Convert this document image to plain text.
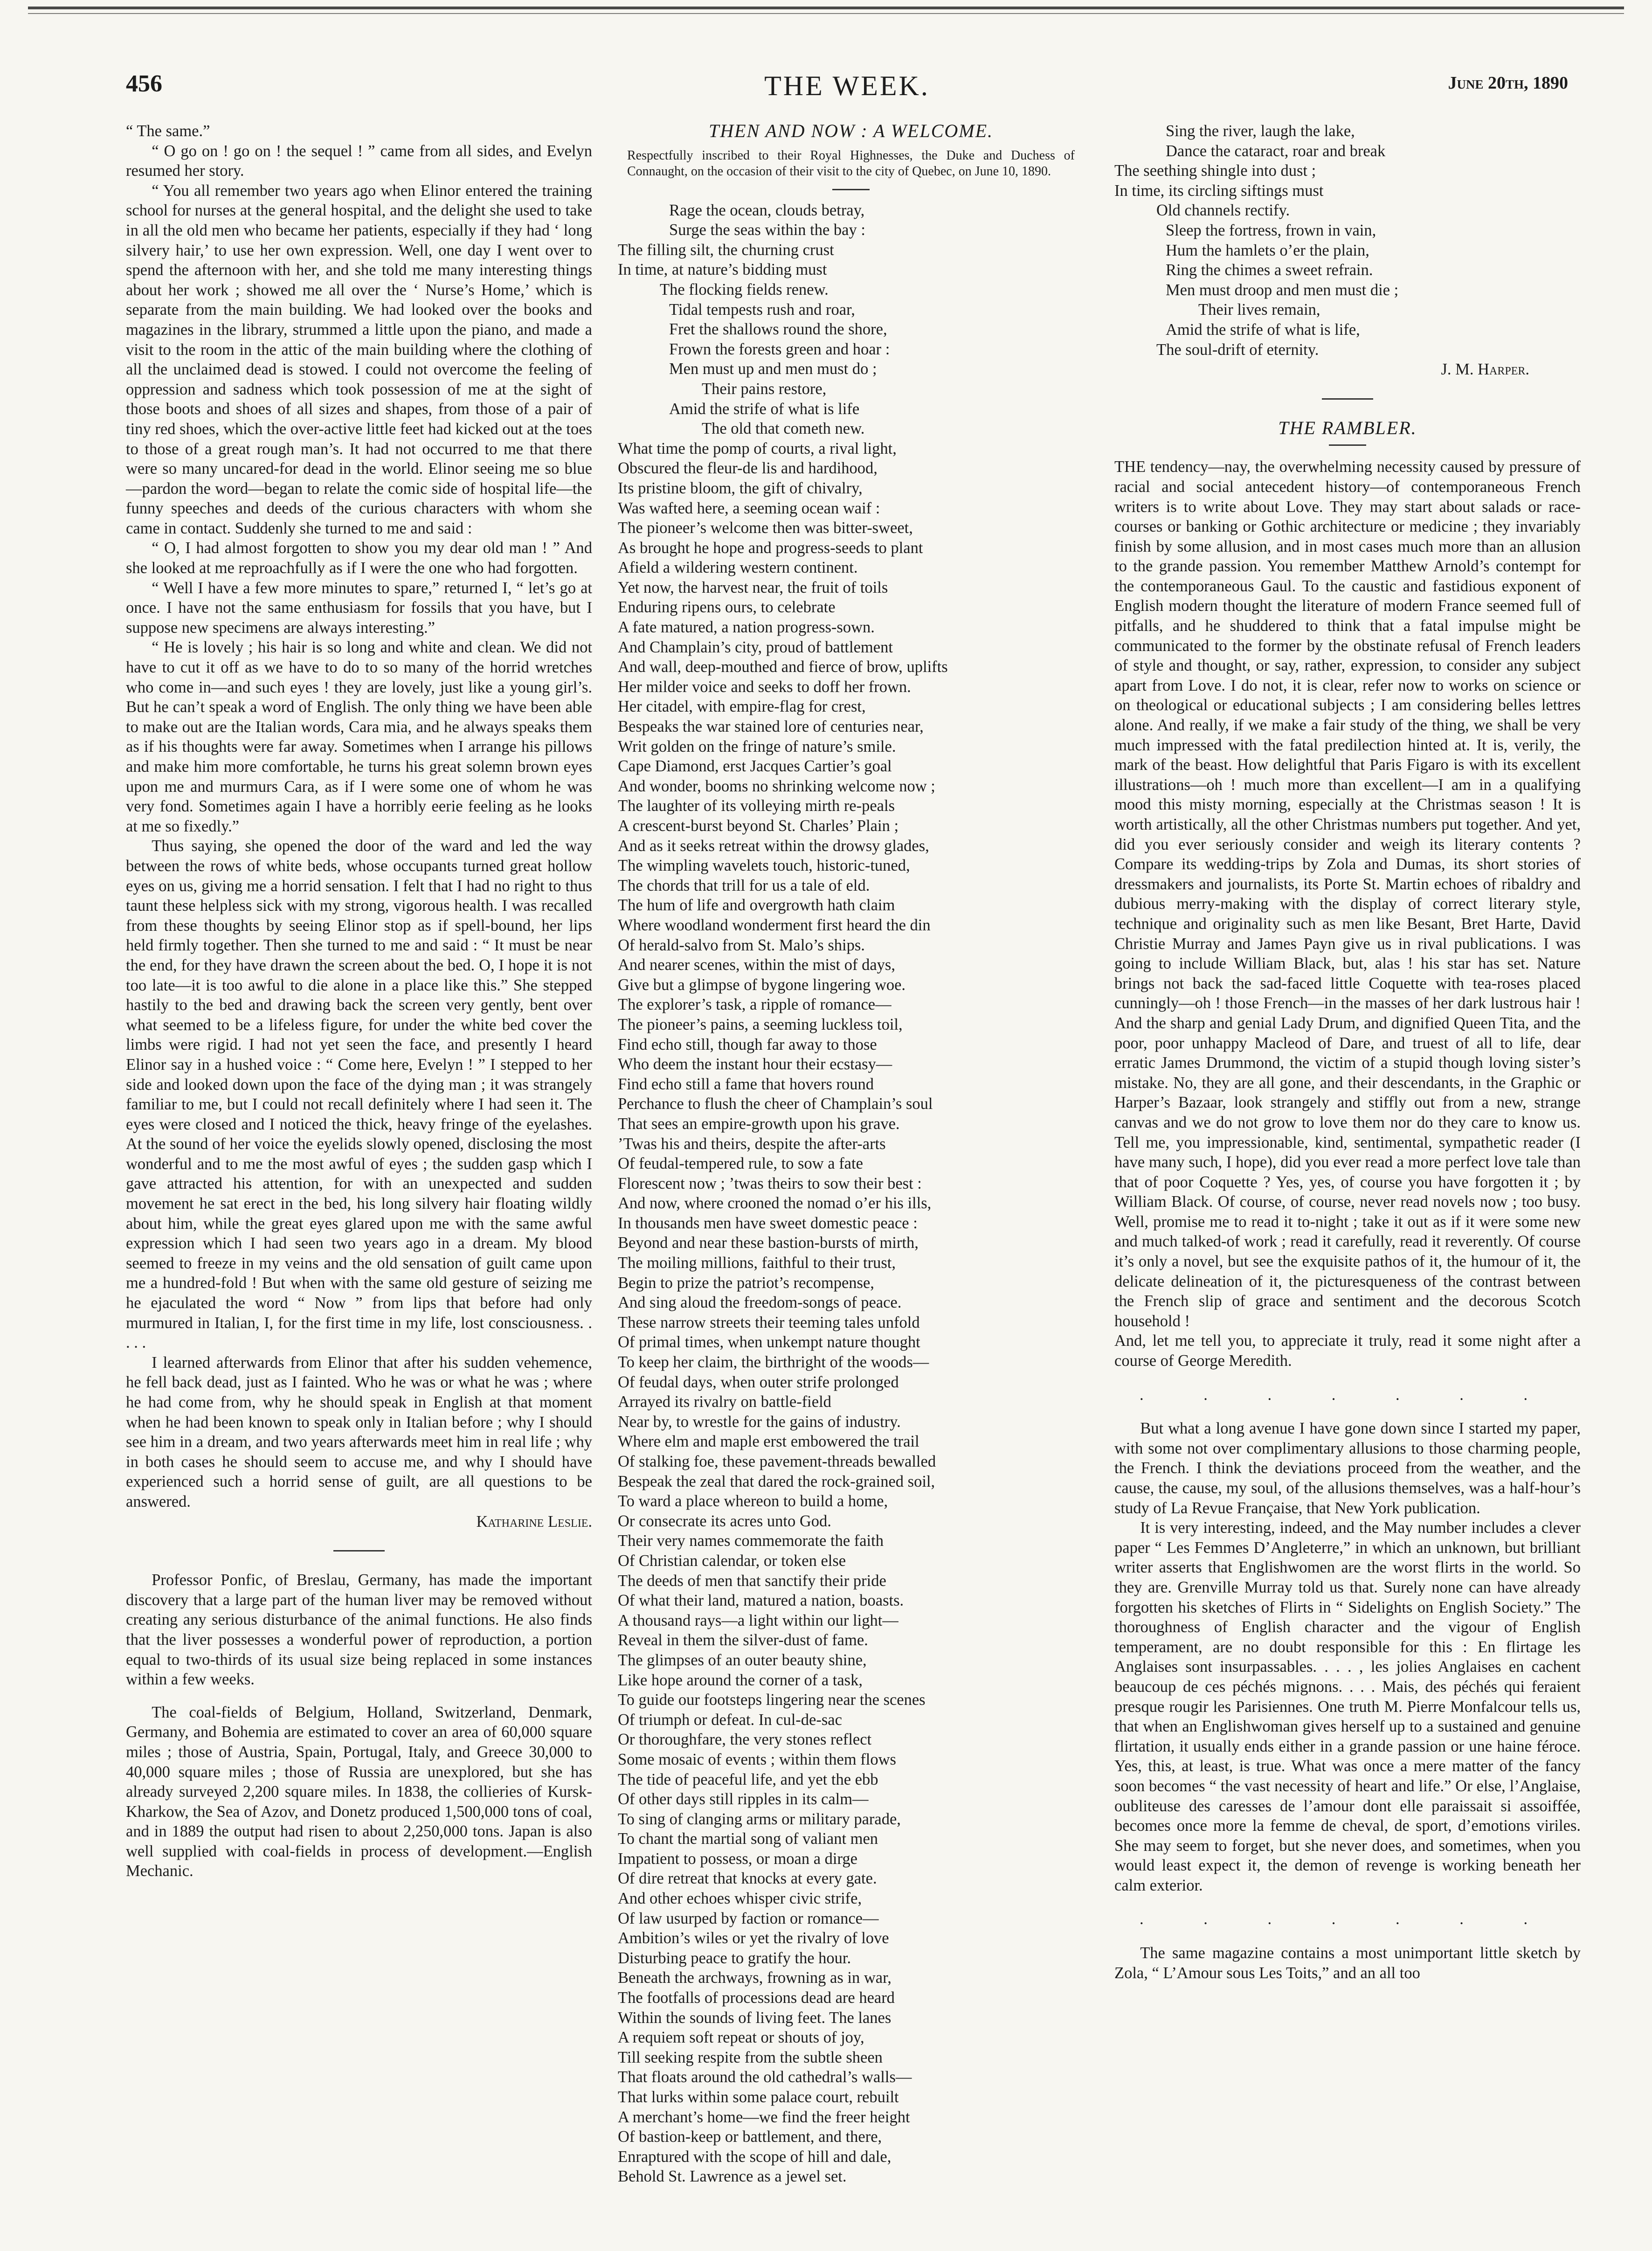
456	THE WEEK.	June 20th, 1890

“ The same.”

“ O go on ! go on ! the sequel ! ” came from all sides, and Evelyn resumed her story.

“ You all remember two years ago when Elinor entered the training school for nurses at the general hospital, and the delight she used to take in all the old men who became her patients, especially if they had ‘ long silvery hair,’ to use her own expression. Well, one day I went over to spend the afternoon with her, and she told me many interesting things about her work ; showed me all over the ‘ Nurse’s Home,’ which is separate from the main building. We had looked over the books and magazines in the library, strummed a little upon the piano, and made a visit to the room in the attic of the main building where the clothing of all the unclaimed dead is stowed. I could not overcome the feeling of oppression and sadness which took possession of me at the sight of those boots and shoes of all sizes and shapes, from those of a pair of tiny red shoes, which the over-active little feet had kicked out at the toes to those of a great rough man’s. It had not occurred to me that there were so many uncared-for dead in the world. Elinor seeing me so blue—pardon the word—began to relate the comic side of hospital life—the funny speeches and deeds of the curious characters with whom she came in contact. Suddenly she turned to me and said :

“ O, I had almost forgotten to show you my dear old man ! ” And she looked at me reproachfully as if I were the one who had forgotten.

“ Well I have a few more minutes to spare,” returned I, “ let’s go at once. I have not the same enthusiasm for fossils that you have, but I suppose new specimens are always interesting.”

“ He is lovely ; his hair is so long and white and clean. We did not have to cut it off as we have to do to so many of the horrid wretches who come in—and such eyes ! they are lovely, just like a young girl’s. But he can’t speak a word of English. The only thing we have been able to make out are the Italian words, Cara mia, and he always speaks them as if his thoughts were far away. Sometimes when I arrange his pillows and make him more comfortable, he turns his great solemn brown eyes upon me and murmurs Cara, as if I were some one of whom he was very fond. Sometimes again I have a horribly eerie feeling as he looks at me so fixedly.”

Thus saying, she opened the door of the ward and led the way between the rows of white beds, whose occupants turned great hollow eyes on us, giving me a horrid sensation. I felt that I had no right to thus taunt these helpless sick with my strong, vigorous health. I was recalled from these thoughts by seeing Elinor stop as if spell-bound, her lips held firmly together. Then she turned to me and said : “ It must be near the end, for they have drawn the screen about the bed. O, I hope it is not too late—it is too awful to die alone in a place like this.” She stepped hastily to the bed and drawing back the screen very gently, bent over what seemed to be a lifeless figure, for under the white bed cover the limbs were rigid. I had not yet seen the face, and presently I heard Elinor say in a hushed voice : “ Come here, Evelyn ! ” I stepped to her side and looked down upon the face of the dying man ; it was strangely familiar to me, but I could not recall definitely where I had seen it. The eyes were closed and I noticed the thick, heavy fringe of the eyelashes. At the sound of her voice the eyelids slowly opened, disclosing the most wonderful and to me the most awful of eyes ; the sudden gasp which I gave attracted his attention, for with an unexpected and sudden movement he sat erect in the bed, his long silvery hair floating wildly about him, while the great eyes glared upon me with the same awful expression which I had seen two years ago in a dream. My blood seemed to freeze in my veins and the old sensation of guilt came upon me a hundred-fold ! But when with the same old gesture of seizing me he ejaculated the word “ Now ” from lips that before had only murmured in Italian, I, for the first time in my life, lost consciousness. . . . .

I learned afterwards from Elinor that after his sudden vehemence, he fell back dead, just as I fainted. Who he was or what he was ; where he had come from, why he should speak in English at that moment when he had been known to speak only in Italian before ; why I should see him in a dream, and two years afterwards meet him in real life ; why in both cases he should seem to accuse me, and why I should have experienced such a horrid sense of guilt, are all questions to be answered.

Katharine Leslie.

Professor Ponfic, of Breslau, Germany, has made the important discovery that a large part of the human liver may be removed without creating any serious disturbance of the animal functions. He also finds that the liver possesses a wonderful power of reproduction, a portion equal to two-thirds of its usual size being replaced in some instances within a few weeks.

The coal-fields of Belgium, Holland, Switzerland, Denmark, Germany, and Bohemia are estimated to cover an area of 60,000 square miles ; those of Austria, Spain, Portugal, Italy, and Greece 30,000 to 40,000 square miles ; those of Russia are unexplored, but she has already surveyed 2,200 square miles. In 1838, the collieries of Kursk-Kharkow, the Sea of Azov, and Donetz produced 1,500,000 tons of coal, and in 1889 the output had risen to about 2,250,000 tons. Japan is also well supplied with coal-fields in process of development.—English Mechanic.

THEN AND NOW : A WELCOME.
Respectfully inscribed to their Royal Highnesses, the Duke and Duchess of Connaught, on the occasion of their visit to the city of Quebec, on June 10, 1890.
Rage the ocean, clouds betray,
Surge the seas within the bay :
The filling silt, the churning crust
In time, at nature’s bidding must
The flocking fields renew.
Tidal tempests rush and roar,
Fret the shallows round the shore,
Frown the forests green and hoar :
Men must up and men must do ;
Their pains restore,
Amid the strife of what is life
The old that cometh new.
What time the pomp of courts, a rival light,
Obscured the fleur-de lis and hardihood,
Its pristine bloom, the gift of chivalry,
Was wafted here, a seeming ocean waif :
The pioneer’s welcome then was bitter-sweet,
As brought he hope and progress-seeds to plant
Afield a wildering western continent.
Yet now, the harvest near, the fruit of toils
Enduring ripens ours, to celebrate
A fate matured, a nation progress-sown.
And Champlain’s city, proud of battlement
And wall, deep-mouthed and fierce of brow, uplifts
Her milder voice and seeks to doff her frown.
Her citadel, with empire-flag for crest,
Bespeaks the war stained lore of centuries near,
Writ golden on the fringe of nature’s smile.
Cape Diamond, erst Jacques Cartier’s goal
And wonder, booms no shrinking welcome now ;
The laughter of its volleying mirth re-peals
A crescent-burst beyond St. Charles’ Plain ;
And as it seeks retreat within the drowsy glades,
The wimpling wavelets touch, historic-tuned,
The chords that trill for us a tale of eld.
The hum of life and overgrowth hath claim
Where woodland wonderment first heard the din
Of herald-salvo from St. Malo’s ships.
And nearer scenes, within the mist of days,
Give but a glimpse of bygone lingering woe.
The explorer’s task, a ripple of romance—
The pioneer’s pains, a seeming luckless toil,
Find echo still, though far away to those
Who deem the instant hour their ecstasy—
Find echo still a fame that hovers round
Perchance to flush the cheer of Champlain’s soul
That sees an empire-growth upon his grave.
’Twas his and theirs, despite the after-arts
Of feudal-tempered rule, to sow a fate
Florescent now ; ’twas theirs to sow their best :
And now, where crooned the nomad o’er his ills,
In thousands men have sweet domestic peace :
Beyond and near these bastion-bursts of mirth,
The moiling millions, faithful to their trust,
Begin to prize the patriot’s recompense,
And sing aloud the freedom-songs of peace.
These narrow streets their teeming tales unfold
Of primal times, when unkempt nature thought
To keep her claim, the birthright of the woods—
Of feudal days, when outer strife prolonged
Arrayed its rivalry on battle-field
Near by, to wrestle for the gains of industry.
Where elm and maple erst embowered the trail
Of stalking foe, these pavement-threads bewalled
Bespeak the zeal that dared the rock-grained soil,
To ward a place whereon to build a home,
Or consecrate its acres unto God.
Their very names commemorate the faith
Of Christian calendar, or token else
The deeds of men that sanctify their pride
Of what their land, matured a nation, boasts.
A thousand rays—a light within our light—
Reveal in them the silver-dust of fame.
The glimpses of an outer beauty shine,
Like hope around the corner of a task,
To guide our footsteps lingering near the scenes
Of triumph or defeat. In cul-de-sac
Or thoroughfare, the very stones reflect
Some mosaic of events ; within them flows
The tide of peaceful life, and yet the ebb
Of other days still ripples in its calm—
To sing of clanging arms or military parade,
To chant the martial song of valiant men
Impatient to possess, or moan a dirge
Of dire retreat that knocks at every gate.
And other echoes whisper civic strife,
Of law usurped by faction or romance—
Ambition’s wiles or yet the rivalry of love
Disturbing peace to gratify the hour.
Beneath the archways, frowning as in war,
The footfalls of processions dead are heard
Within the sounds of living feet. The lanes
A requiem soft repeat or shouts of joy,
Till seeking respite from the subtle sheen
That floats around the old cathedral’s walls—
That lurks within some palace court, rebuilt
A merchant’s home—we find the freer height
Of bastion-keep or battlement, and there,
Enraptured with the scope of hill and dale,
Behold St. Lawrence as a jewel set.
Sing the river, laugh the lake,
Dance the cataract, roar and break
The seething shingle into dust ;
In time, its circling siftings must
Old channels rectify.
Sleep the fortress, frown in vain,
Hum the hamlets o’er the plain,
Ring the chimes a sweet refrain.
Men must droop and men must die ;
Their lives remain,
Amid the strife of what is life,
The soul-drift of eternity.
J. M. Harper.
THE RAMBLER.

THE tendency—nay, the overwhelming necessity caused by pressure of racial and social antecedent history—of contemporaneous French writers is to write about Love. They may start about salads or race-courses or banking or Gothic architecture or medicine ; they invariably finish by some allusion, and in most cases much more than an allusion to the grande passion. You remember Matthew Arnold’s contempt for the contemporaneous Gaul. To the caustic and fastidious exponent of English modern thought the literature of modern France seemed full of pitfalls, and he shuddered to think that a fatal impulse might be communicated to the former by the obstinate refusal of French leaders of style and thought, or say, rather, expression, to consider any subject apart from Love. I do not, it is clear, refer now to works on science or on theological or educational subjects ; I am considering belles lettres alone. And really, if we make a fair study of the thing, we shall be very much impressed with the fatal predilection hinted at. It is, verily, the mark of the beast. How delightful that Paris Figaro is with its excellent illustrations—oh ! much more than excellent—I am in a qualifying mood this misty morning, especially at the Christmas season ! It is worth artistically, all the other Christmas numbers put together. And yet, did you ever seriously consider and weigh its literary contents ? Compare its wedding-trips by Zola and Dumas, its short stories of dressmakers and journalists, its Porte St. Martin echoes of ribaldry and dubious merry-making with the display of correct literary style, technique and originality such as men like Besant, Bret Harte, David Christie Murray and James Payn give us in rival publications. I was going to include William Black, but, alas ! his star has set. Nature brings not back the sad-faced little Coquette with tea-roses placed cunningly—oh ! those French—in the masses of her dark lustrous hair ! And the sharp and genial Lady Drum, and dignified Queen Tita, and the poor, poor unhappy Macleod of Dare, and truest of all to life, dear erratic James Drummond, the victim of a stupid though loving sister’s mistake. No, they are all gone, and their descendants, in the Graphic or Harper’s Bazaar, look strangely and stiffly out from a new, strange canvas and we do not grow to love them nor do they care to know us. Tell me, you impressionable, kind, sentimental, sympathetic reader (I have many such, I hope), did you ever read a more perfect love tale than that of poor Coquette ? Yes, yes, of course you have forgotten it ; by William Black. Of course, of course, never read novels now ; too busy. Well, promise me to read it to-night ; take it out as if it were some new and much talked-of work ; read it carefully, read it reverently. Of course it’s only a novel, but see the exquisite pathos of it, the humour of it, the delicate delineation of it, the picturesqueness of the contrast between the French slip of grace and sentiment and the decorous Scotch household !

And, let me tell you, to appreciate it truly, read it some night after a course of George Meredith.

. . . . . . .

But what a long avenue I have gone down since I started my paper, with some not over complimentary allusions to those charming people, the French. I think the deviations proceed from the weather, and the cause, the cause, my soul, of the allusions themselves, was a half-hour’s study of La Revue Française, that New York publication.

It is very interesting, indeed, and the May number includes a clever paper “ Les Femmes D’Angleterre,” in which an unknown, but brilliant writer asserts that Englishwomen are the worst flirts in the world. So they are. Grenville Murray told us that. Surely none can have already forgotten his sketches of Flirts in “ Sidelights on English Society.” The thoroughness of English character and the vigour of English temperament, are no doubt responsible for this : En flirtage les Anglaises sont insurpassables. . . . , les jolies Anglaises en cachent beaucoup de ces péchés mignons. . . . Mais, des péchés qui feraient presque rougir les Parisiennes. One truth M. Pierre Monfalcour tells us, that when an Englishwoman gives herself up to a sustained and genuine flirtation, it usually ends either in a grande passion or une haine féroce. Yes, this, at least, is true. What was once a mere matter of the fancy soon becomes “ the vast necessity of heart and life.” Or else, l’Anglaise, oubliteuse des caresses de l’amour dont elle paraissait si assoiffée, becomes once more la femme de cheval, de sport, d’emotions viriles. She may seem to forget, but she never does, and sometimes, when you would least expect it, the demon of revenge is working beneath her calm exterior.

. . . . . . .

The same magazine contains a most unimportant little sketch by Zola, “ L’Amour sous Les Toits,” and an all too
